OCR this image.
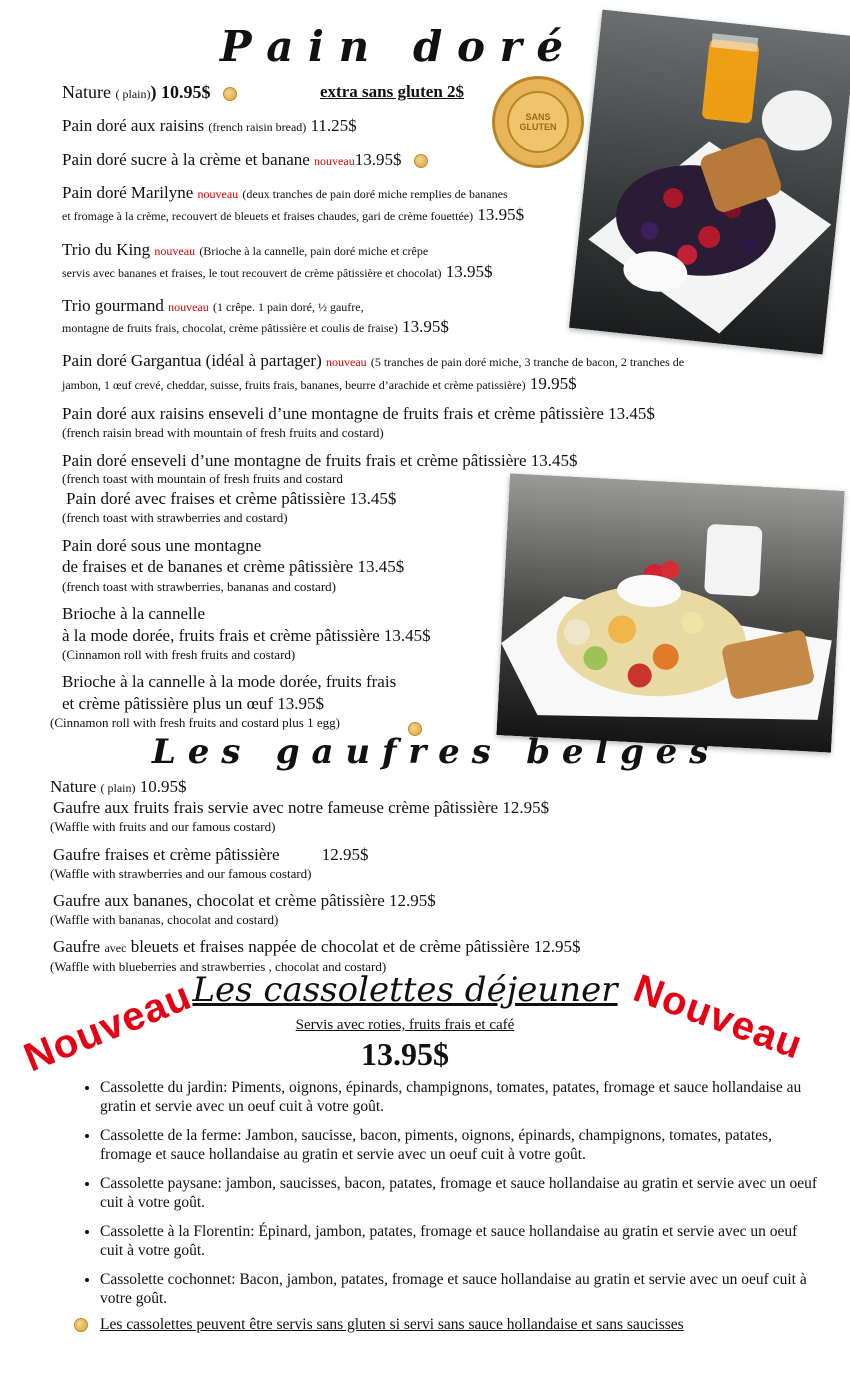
P a i n   d o r é
SANS GLUTEN
Nature ( plain)) 10.95$	extra sans gluten 2$
Pain doré aux raisins (french raisin bread) 11.25$
Pain doré sucre à la crème et banane nouveau13.95$
Pain doré Marilyne nouveau (deux tranches de pain doré miche remplies de bananes
et fromage à la crème, recouvert de bleuets et fraises chaudes, gari de crème fouettée) 13.95$
Trio du King nouveau (Brioche à la cannelle, pain doré miche et crêpe
servis avec bananes et fraises, le tout recouvert de crème pâtissière et chocolat) 13.95$
Trio gourmand nouveau (1 crêpe. 1 pain doré, ½ gaufre,
montagne de fruits frais, chocolat, crème pâtissière et coulis de fraise) 13.95$
Pain doré Gargantua (idéal à partager) nouveau (5 tranches de pain doré miche, 3 tranche de bacon, 2 tranches de
jambon, 1 œuf crevé, cheddar, suisse, fruits frais, bananes, beurre d’arachide et crème patissière) 19.95$
Pain doré aux raisins enseveli d’une montagne de fruits frais et crème pâtissière 13.45$
(french raisin bread with mountain of fresh fruits and costard)
Pain doré enseveli d’une montagne de fruits frais et crème pâtissière 13.45$
(french toast with mountain of fresh fruits and costard
Pain doré avec fraises et crème pâtissière 13.45$
(french toast with strawberries and costard)
Pain doré sous une montagne
de fraises et de bananes et crème pâtissière 13.45$
(french toast with strawberries, bananas and costard)
Brioche à la cannelle
à la mode dorée, fruits frais et crème pâtissière 13.45$
(Cinnamon roll with fresh fruits and costard)
Brioche à la cannelle à la mode dorée, fruits frais
et crème pâtissière plus un œuf 13.95$
(Cinnamon roll with fresh fruits and costard plus 1 egg)
L e s   g a u f r e s   b e l g e s
Nature ( plain) 10.95$
Gaufre aux fruits frais servie avec notre fameuse crème pâtissière 12.95$
(Waffle with fruits and our famous costard)
Gaufre fraises et crème pâtissière 12.95$
(Waffle with strawberries and our famous costard)
Gaufre aux bananes, chocolat et crème pâtissière 12.95$
(Waffle with bananas, chocolat and costard)
Gaufre avec bleuets et fraises nappée de chocolat et de crème pâtissière 12.95$
(Waffle with blueberries and strawberries , chocolat and costard)
Nouveau	Nouveau
Les cassolettes déjeuner
Servis avec roties, fruits frais et café
13.95$
• Cassolette du jardin: Piments, oignons, épinards, champignons, tomates, patates, fromage et sauce hollandaise au gratin et servie avec un oeuf cuit à votre goût.
• Cassolette de la ferme: Jambon, saucisse, bacon, piments, oignons, épinards, champignons, tomates, patates, fromage et sauce hollandaise au gratin et servie avec un oeuf cuit à votre goût.
• Cassolette paysane: jambon, saucisses, bacon, patates, fromage et sauce hollandaise au gratin et servie avec un oeuf cuit à votre goût.
• Cassolette à la Florentin: Épinard, jambon, patates, fromage et sauce hollandaise au gratin et servie avec un oeuf cuit à votre goût.
• Cassolette cochonnet: Bacon, jambon, patates, fromage et sauce hollandaise au gratin et servie avec un oeuf cuit à votre goût.
Les cassolettes peuvent être servis sans gluten si servi sans sauce hollandaise et sans saucisses
